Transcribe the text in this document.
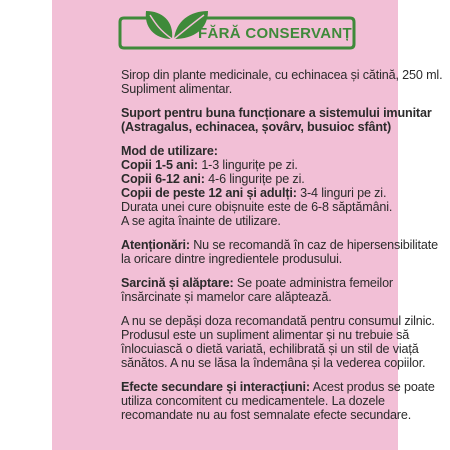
FĂRĂ CONSERVANȚI

Sirop din plante medicinale, cu echinacea și cătină, 250 ml.

Supliment alimentar.

Suport pentru buna funcționare a sistemului imunitar

(Astragalus, echinacea, șovârv, busuioc sfânt)

Mod de utilizare:

Copii 1-5 ani: 1-3 lingurițe pe zi.

Copii 6-12 ani: 4-6 lingurițe pe zi.

Copii de peste 12 ani și adulți: 3-4 linguri pe zi.

Durata unei cure obișnuite este de 6-8 săptămâni.

A se agita înainte de utilizare.

Atenționări: Nu se recomandă în caz de hipersensibilitate la oricare dintre ingredientele produsului.

Sarcină și alăptare: Se poate administra femeilor însărcinate și mamelor care alăptează.

A nu se depăși doza recomandată pentru consumul zilnic. Produsul este un supliment alimentar și nu trebuie să înlocuiască o dietă variată, echilibrată și un stil de viață sănătos. A nu se lăsa la îndemâna și la vederea copiilor.

Efecte secundare și interacțiuni: Acest produs se poate utiliza concomitent cu medicamentele. La dozele recomandate nu au fost semnalate efecte secundare.
